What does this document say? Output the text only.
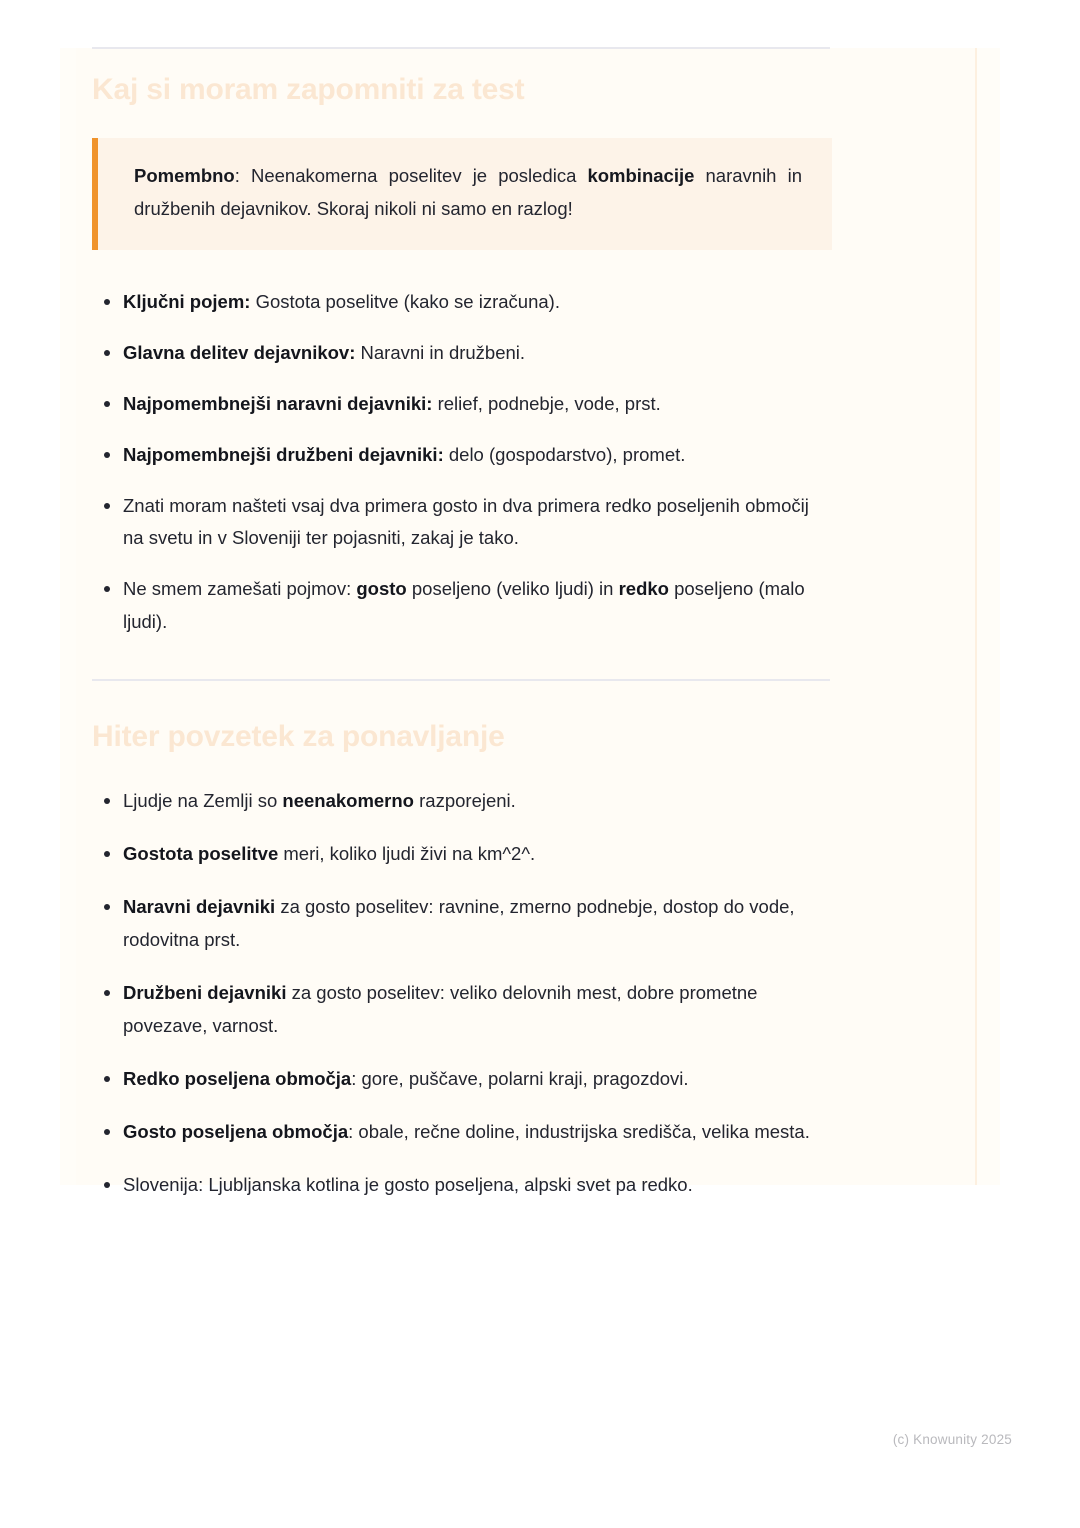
Kaj si moram zapomniti za test

Pomembno: Neenakomerna poselitev je posledica kombinacije naravnih in družbenih dejavnikov. Skoraj nikoli ni samo en razlog!

Ključni pojem: Gostota poselitve (kako se izračuna).
Glavna delitev dejavnikov: Naravni in družbeni.
Najpomembnejši naravni dejavniki: relief, podnebje, vode, prst.
Najpomembnejši družbeni dejavniki: delo (gospodarstvo), promet.
Znati moram našteti vsaj dva primera gosto in dva primera redko poseljenih območij na svetu in v Sloveniji ter pojasniti, zakaj je tako.
Ne smem zamešati pojmov: gosto poseljeno (veliko ljudi) in redko poseljeno (malo ljudi).
Hiter povzetek za ponavljanje
Ljudje na Zemlji so neenakomerno razporejeni.
Gostota poselitve meri, koliko ljudi živi na km^2^.
Naravni dejavniki za gosto poselitev: ravnine, zmerno podnebje, dostop do vode, rodovitna prst.
Družbeni dejavniki za gosto poselitev: veliko delovnih mest, dobre prometne povezave, varnost.
Redko poseljena območja: gore, puščave, polarni kraji, pragozdovi.
Gosto poseljena območja: obale, rečne doline, industrijska središča, velika mesta.
Slovenija: Ljubljanska kotlina je gosto poseljena, alpski svet pa redko.
(c) Knowunity 2025
